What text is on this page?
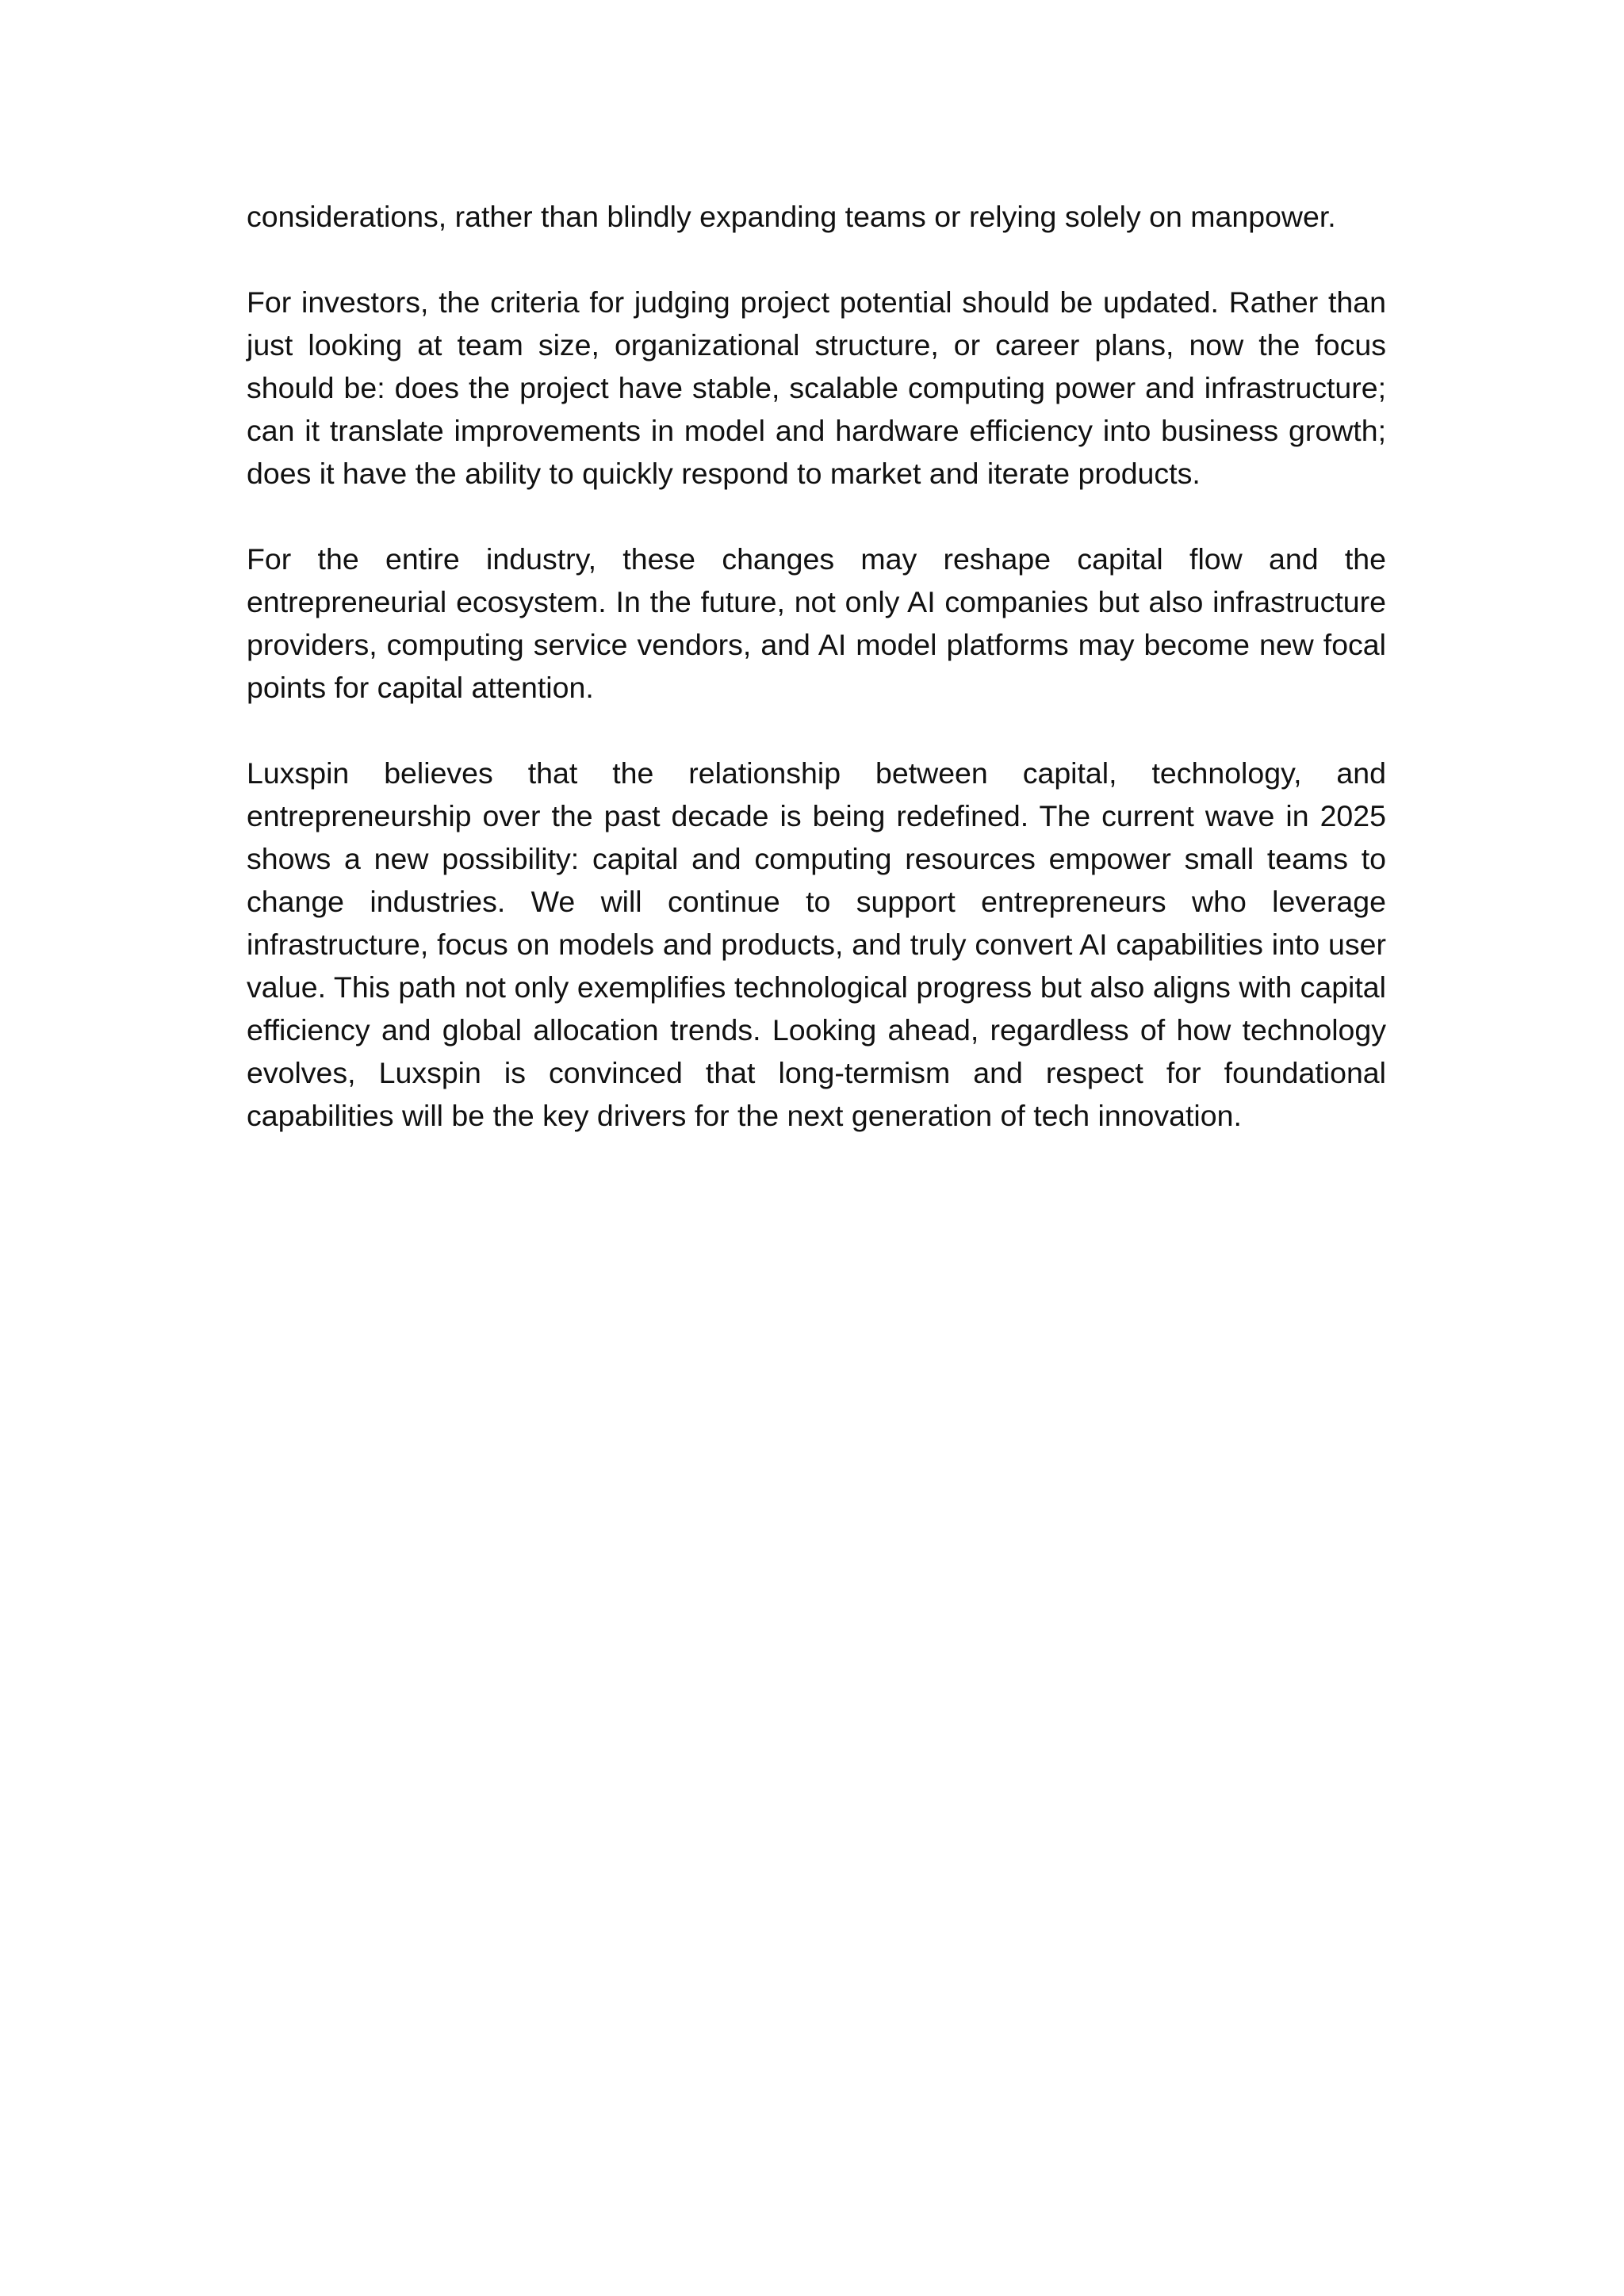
considerations, rather than blindly expanding teams or relying solely on manpower.

For investors, the criteria for judging project potential should be updated. Rather than just looking at team size, organizational structure, or career plans, now the focus should be: does the project have stable, scalable computing power and infrastructure; can it translate improvements in model and hardware efficiency into business growth; does it have the ability to quickly respond to market and iterate products.

For the entire industry, these changes may reshape capital flow and the entrepreneurial ecosystem. In the future, not only AI companies but also infrastructure providers, computing service vendors, and AI model platforms may become new focal points for capital attention.

Luxspin believes that the relationship between capital, technology, and entrepreneurship over the past decade is being redefined. The current wave in 2025 shows a new possibility: capital and computing resources empower small teams to change industries. We will continue to support entrepreneurs who leverage infrastructure, focus on models and products, and truly convert AI capabilities into user value. This path not only exemplifies technological progress but also aligns with capital efficiency and global allocation trends. Looking ahead, regardless of how technology evolves, Luxspin is convinced that long-termism and respect for foundational capabilities will be the key drivers for the next generation of tech innovation.
